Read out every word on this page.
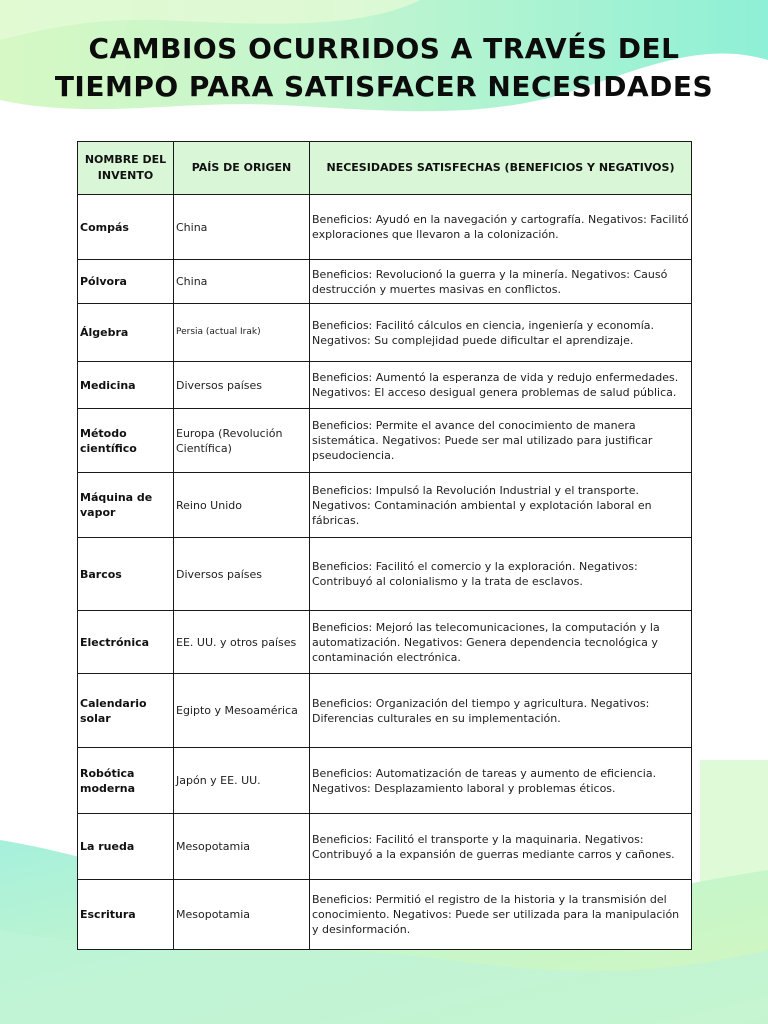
CAMBIOS OCURRIDOS A TRAVÉS DEL
TIEMPO PARA SATISFACER NECESIDADES
NOMBRE DEL INVENTO	PAÍS DE ORIGEN	NECESIDADES SATISFECHAS (BENEFICIOS Y NEGATIVOS)
Compás	China	Beneficios: Ayudó en la navegación y cartografía. Negativos: Facilitó exploraciones que llevaron a la colonización.
Pólvora	China	Beneficios: Revolucionó la guerra y la minería. Negativos: Causó destrucción y muertes masivas en conflictos.
Álgebra	Persia (actual Irak)	Beneficios: Facilitó cálculos en ciencia, ingeniería y economía. Negativos: Su complejidad puede dificultar el aprendizaje.
Medicina	Diversos países	Beneficios: Aumentó la esperanza de vida y redujo enfermedades. Negativos: El acceso desigual genera problemas de salud pública.
Método científico	Europa (Revolución Científica)	Beneficios: Permite el avance del conocimiento de manera sistemática. Negativos: Puede ser mal utilizado para justificar pseudociencia.
Máquina de vapor	Reino Unido	Beneficios: Impulsó la Revolución Industrial y el transporte. Negativos: Contaminación ambiental y explotación laboral en fábricas.
Barcos	Diversos países	Beneficios: Facilitó el comercio y la exploración. Negativos: Contribuyó al colonialismo y la trata de esclavos.
Electrónica	EE. UU. y otros países	Beneficios: Mejoró las telecomunicaciones, la computación y la automatización. Negativos: Genera dependencia tecnológica y contaminación electrónica.
Calendario solar	Egipto y Mesoamérica	Beneficios: Organización del tiempo y agricultura. Negativos: Diferencias culturales en su implementación.
Robótica moderna	Japón y EE. UU.	Beneficios: Automatización de tareas y aumento de eficiencia. Negativos: Desplazamiento laboral y problemas éticos.
La rueda	Mesopotamia	Beneficios: Facilitó el transporte y la maquinaria. Negativos: Contribuyó a la expansión de guerras mediante carros y cañones.
Escritura	Mesopotamia	Beneficios: Permitió el registro de la historia y la transmisión del conocimiento. Negativos: Puede ser utilizada para la manipulación y desinformación.
